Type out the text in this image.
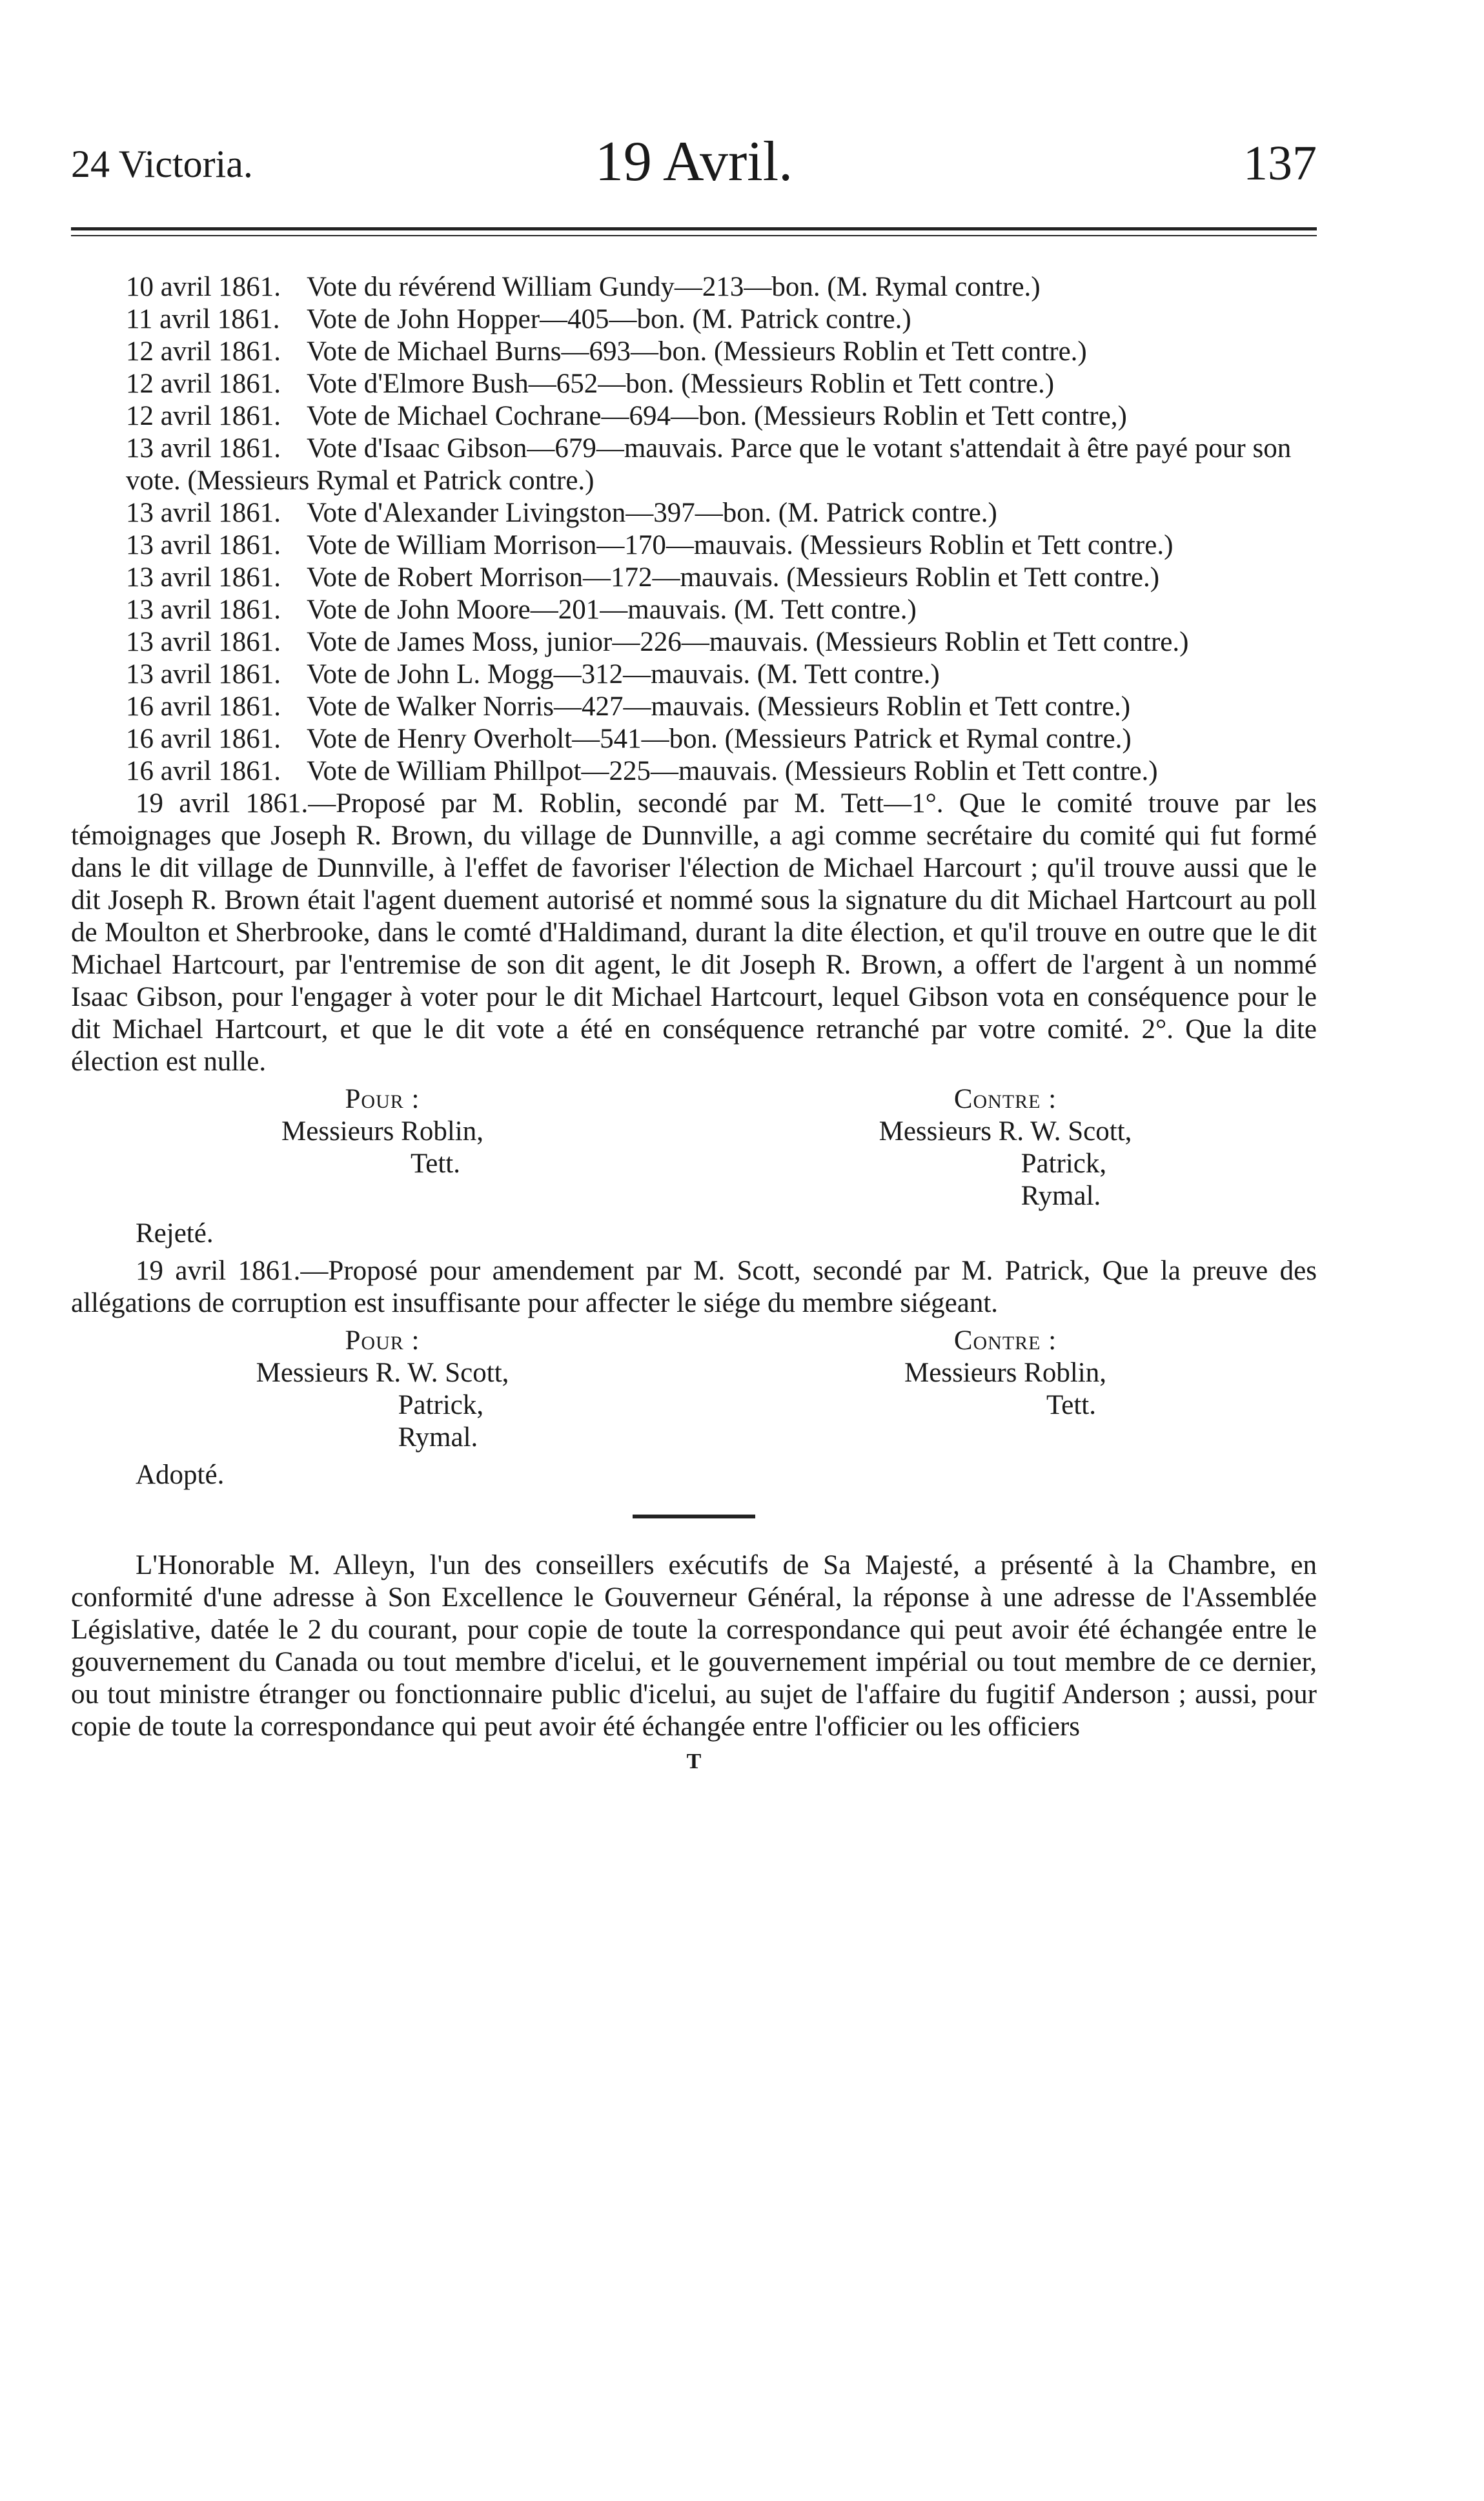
24 Victoria.	19 Avril.	137

10 avril 1861. Vote du révérend William Gundy—213—bon. (M. Rymal contre.)

11 avril 1861. Vote de John Hopper—405—bon. (M. Patrick contre.)

12 avril 1861. Vote de Michael Burns—693—bon. (Messieurs Roblin et Tett contre.)

12 avril 1861. Vote d'Elmore Bush—652—bon. (Messieurs Roblin et Tett contre.)

12 avril 1861. Vote de Michael Cochrane—694—bon. (Messieurs Roblin et Tett contre,)

13 avril 1861. Vote d'Isaac Gibson—679—mauvais. Parce que le votant s'attendait à être payé pour son vote. (Messieurs Rymal et Patrick contre.)

13 avril 1861. Vote d'Alexander Livingston—397—bon. (M. Patrick contre.)

13 avril 1861. Vote de William Morrison—170—mauvais. (Messieurs Roblin et Tett contre.)

13 avril 1861. Vote de Robert Morrison—172—mauvais. (Messieurs Roblin et Tett contre.)

13 avril 1861. Vote de John Moore—201—mauvais. (M. Tett contre.)

13 avril 1861. Vote de James Moss, junior—226—mauvais. (Messieurs Roblin et Tett contre.)

13 avril 1861. Vote de John L. Mogg—312—mauvais. (M. Tett contre.)

16 avril 1861. Vote de Walker Norris—427—mauvais. (Messieurs Roblin et Tett contre.)

16 avril 1861. Vote de Henry Overholt—541—bon. (Messieurs Patrick et Rymal contre.)

16 avril 1861. Vote de William Phillpot—225—mauvais. (Messieurs Roblin et Tett contre.)

19 avril 1861.—Proposé par M. Roblin, secondé par M. Tett—1°. Que le comité trouve par les témoignages que Joseph R. Brown, du village de Dunnville, a agi comme secrétaire du comité qui fut formé dans le dit village de Dunnville, à l'effet de favoriser l'élection de Michael Harcourt ; qu'il trouve aussi que le dit Joseph R. Brown était l'agent duement autorisé et nommé sous la signature du dit Michael Hartcourt au poll de Moulton et Sherbrooke, dans le comté d'Haldimand, durant la dite élection, et qu'il trouve en outre que le dit Michael Hartcourt, par l'entremise de son dit agent, le dit Joseph R. Brown, a offert de l'argent à un nommé Isaac Gibson, pour l'engager à voter pour le dit Michael Hartcourt, lequel Gibson vota en conséquence pour le dit Michael Hartcourt, et que le dit vote a été en conséquence retranché par votre comité. 2°. Que la dite élection est nulle.

Pour :
Messieurs Roblin,
Tett.
Contre :
Messieurs R. W. Scott,
Patrick,
Rymal.
Rejeté.

19 avril 1861.—Proposé pour amendement par M. Scott, secondé par M. Patrick, Que la preuve des allégations de corruption est insuffisante pour affecter le siége du membre siégeant.

Pour :
Messieurs R. W. Scott,
Patrick,
Rymal.
Contre :
Messieurs Roblin,
Tett.
Adopté.

L'Honorable M. Alleyn, l'un des conseillers exécutifs de Sa Majesté, a présenté à la Chambre, en conformité d'une adresse à Son Excellence le Gouverneur Général, la réponse à une adresse de l'Assemblée Législative, datée le 2 du courant, pour copie de toute la correspondance qui peut avoir été échangée entre le gouvernement du Canada ou tout membre d'icelui, et le gouvernement impérial ou tout membre de ce dernier, ou tout ministre étranger ou fonctionnaire public d'icelui, au sujet de l'affaire du fugitif Anderson ; aussi, pour copie de toute la correspondance qui peut avoir été échangée entre l'officier ou les officiers

T
